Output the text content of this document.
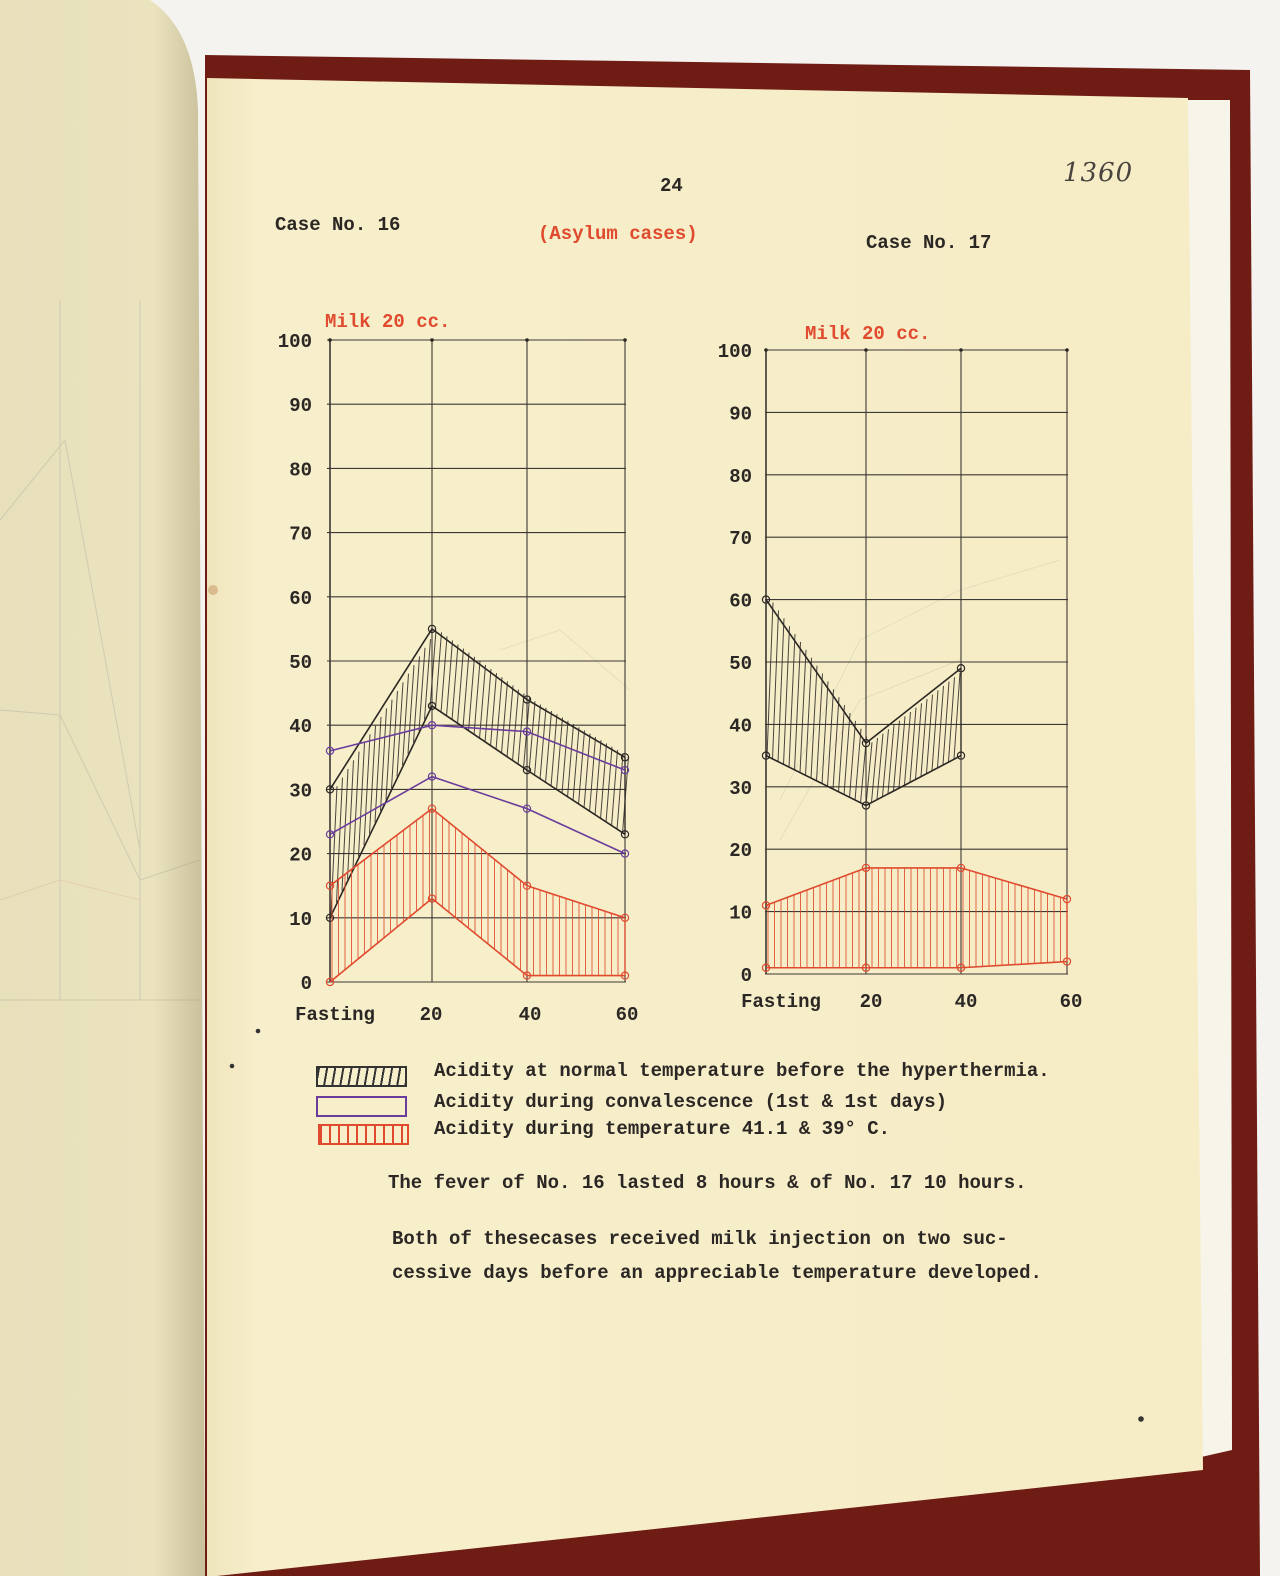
0
10
20
30
40
50
60
70
80
90
100
Fasting 20	40	60
Milk 20 cc.
0
10
20
30
40
50
60
70
80
90
100
Fasting 20	40	60
Milk 20 cc.
24	1360
Case No. 16	(Asylum cases)	Case No. 17
Acidity at normal temperature before the hyperthermia.
Acidity during convalescence (1st & 1st days)
Acidity during temperature 41.1 & 39° C.
The fever of No. 16 lasted 8 hours & of No. 17 10 hours.
Both of thesecases received milk injection on two suc-
cessive days before an appreciable temperature developed.
